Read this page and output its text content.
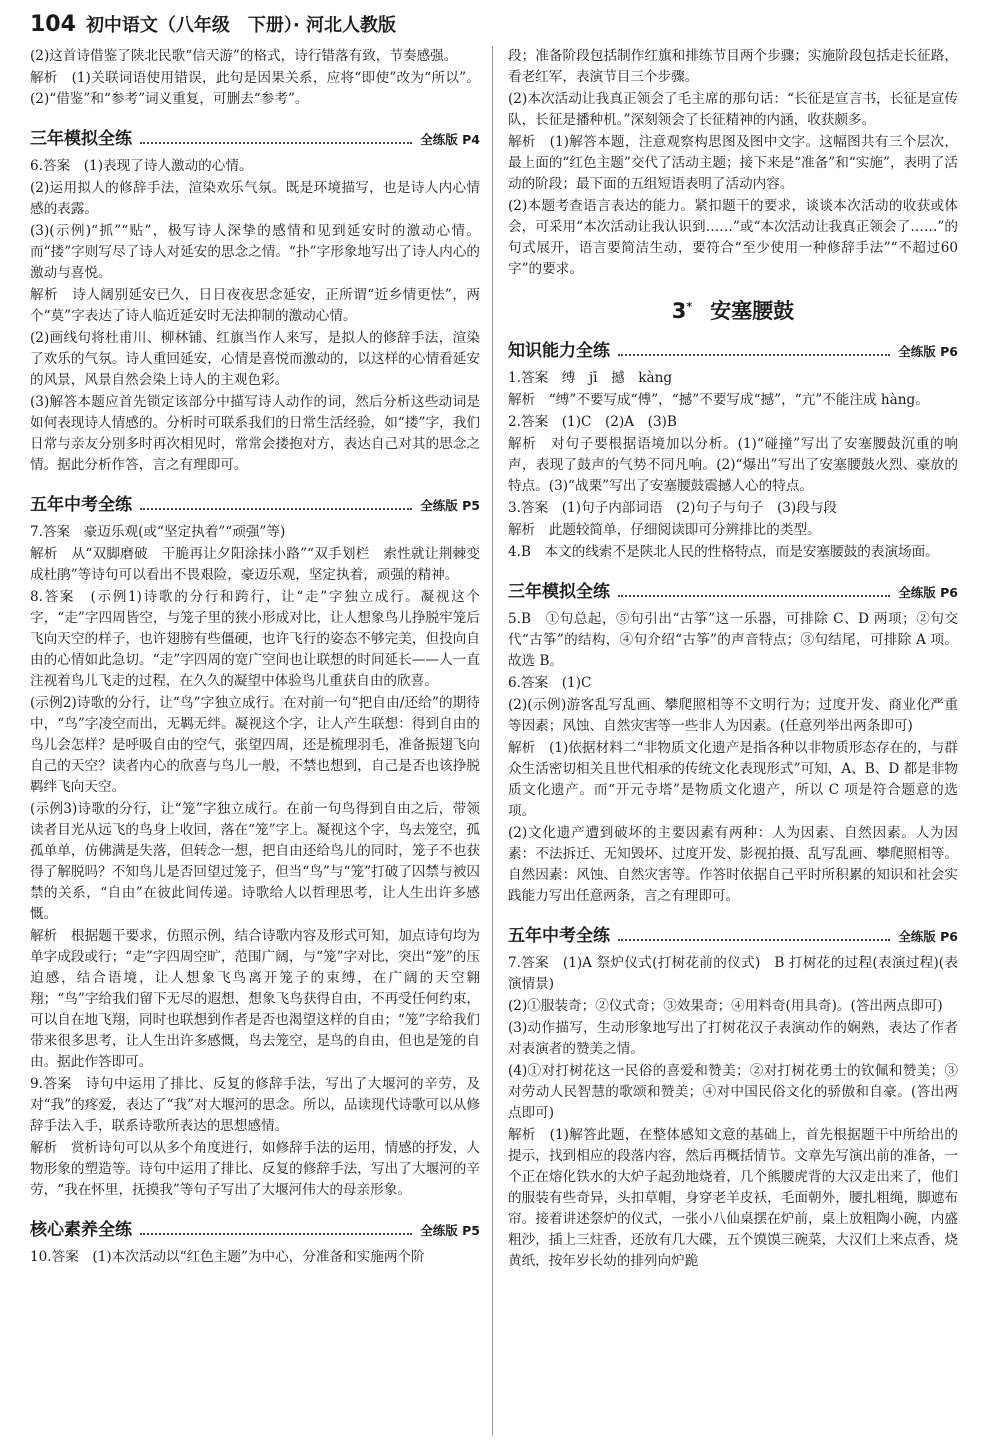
104 初中语文（八年级　下册）· 河北人教版

(2)这首诗借鉴了陕北民歌“信天游”的格式，诗行错落有致，节奏感强。

解析　(1)关联词语使用错误，此句是因果关系，应将“即使”改为“所以”。(2)“借鉴”和“参考”词义重复，可删去“参考”。

三年模拟全练	全练版 P4

6.答案　(1)表现了诗人激动的心情。

(2)运用拟人的修辞手法，渲染欢乐气氛。既是环境描写，也是诗人内心情感的表露。

(3)(示例)“抓”“贴”，极写诗人深挚的感情和见到延安时的激动心情。而“搂”字则写尽了诗人对延安的思念之情。“扑”字形象地写出了诗人内心的激动与喜悦。

解析　诗人阔别延安已久，日日夜夜思念延安，正所谓“近乡情更怯”，两个“莫”字表达了诗人临近延安时无法抑制的激动心情。

(2)画线句将杜甫川、柳林铺、红旗当作人来写，是拟人的修辞手法，渲染了欢乐的气氛。诗人重回延安，心情是喜悦而激动的，以这样的心情看延安的风景，风景自然会染上诗人的主观色彩。

(3)解答本题应首先锁定该部分中描写诗人动作的词，然后分析这些动词是如何表现诗人情感的。分析时可联系我们的日常生活经验，如“搂”字，我们日常与亲友分别多时再次相见时，常常会搂抱对方，表达自己对其的思念之情。据此分析作答，言之有理即可。

五年中考全练	全练版 P5

7.答案　豪迈乐观(或“坚定执着”“顽强”等)

解析　从“双脚磨破　干脆再让夕阳涂抹小路”“双手划栏　索性就让荆棘变成杜鹃”等诗句可以看出不畏艰险，豪迈乐观，坚定执着，顽强的精神。

8.答案　(示例1)诗歌的分行和跨行，让“走”字独立成行。凝视这个字，“走”字四周皆空，与笼子里的狭小形成对比，让人想象鸟儿挣脱牢笼后飞向天空的样子，也许翅膀有些僵硬，也许飞行的姿态不够完美，但投向自由的心情如此急切。“走”字四周的宽广空间也让联想的时间延长——人一直注视着鸟儿飞走的过程，在久久的凝望中体验鸟儿重获自由的欣喜。

(示例2)诗歌的分行，让“鸟”字独立成行。在对前一句“把自由/还给”的期待中，“鸟”字凌空而出，无羁无绊。凝视这个字，让人产生联想：得到自由的鸟儿会怎样？是呼吸自由的空气，张望四周，还是梳理羽毛，准备振翅飞向自己的天空？读者内心的欣喜与鸟儿一般，不禁也想到，自己是否也该挣脱羁绊飞向天空。

(示例3)诗歌的分行，让“笼”字独立成行。在前一句鸟得到自由之后，带领读者目光从远飞的鸟身上收回，落在“笼”字上。凝视这个字，鸟去笼空，孤孤单单，仿佛满是失落，但转念一想，把自由还给鸟儿的同时，笼子不也获得了解脱吗？不知鸟儿是否回望过笼子，但当“鸟”与“笼”打破了囚禁与被囚禁的关系，“自由”在彼此间传递。诗歌给人以哲理思考，让人生出许多感慨。

解析　根据题干要求，仿照示例，结合诗歌内容及形式可知，加点诗句均为单字成段或行；“走”字四周空旷，范围广阔，与“笼”字对比，突出“笼”的压迫感，结合语境，让人想象飞鸟离开笼子的束缚，在广阔的天空翱翔；“鸟”字给我们留下无尽的遐想，想象飞鸟获得自由，不再受任何约束，可以自在地飞翔，同时也联想到作者是否也渴望这样的自由；“笼”字给我们带来很多思考，让人生出许多感慨，鸟去笼空，是鸟的自由，但也是笼的自由。据此作答即可。

9.答案　诗句中运用了排比、反复的修辞手法，写出了大堰河的辛劳，及对“我”的疼爱，表达了“我”对大堰河的思念。所以，品读现代诗歌可以从修辞手法入手，联系诗歌所表达的思想感情。

解析　赏析诗句可以从多个角度进行，如修辞手法的运用，情感的抒发，人物形象的塑造等。诗句中运用了排比、反复的修辞手法，写出了大堰河的辛劳，“我在怀里，抚摸我”等句子写出了大堰河伟大的母亲形象。

核心素养全练	全练版 P5

10.答案　(1)本次活动以“红色主题”为中心，分准备和实施两个阶

段；准备阶段包括制作红旗和排练节目两个步骤；实施阶段包括走长征路，看老红军，表演节目三个步骤。

(2)本次活动让我真正领会了毛主席的那句话：“长征是宣言书，长征是宣传队，长征是播种机。”深刻领会了长征精神的内涵，收获颇多。

解析　(1)解答本题，注意观察构思图及图中文字。这幅图共有三个层次，最上面的“红色主题”交代了活动主题；接下来是“准备”和“实施”，表明了活动的阶段；最下面的五组短语表明了活动内容。

(2)本题考查语言表达的能力。紧扣题干的要求，谈谈本次活动的收获或体会，可采用“本次活动让我认识到……”或“本次活动让我真正领会了……”的句式展开，语言要简洁生动，要符合“至少使用一种修辞手法”“不超过60字”的要求。

3* 安塞腰鼓
知识能力全练	全练版 P6

1.答案　缚　jī　撼　kàng

解析　“缚”不要写成“傅”，“撼”不要写成“撼”，“亢”不能注成 hàng。

2.答案　(1)C　(2)A　(3)B

解析　对句子要根据语境加以分析。(1)“碰撞”写出了安塞腰鼓沉重的响声，表现了鼓声的气势不同凡响。(2)“爆出”写出了安塞腰鼓火烈、豪放的特点。(3)“战栗”写出了安塞腰鼓震撼人心的特点。

3.答案　(1)句子内部词语　(2)句子与句子　(3)段与段

解析　此题较简单，仔细阅读即可分辨排比的类型。

4.B　本文的线索不是陕北人民的性格特点，而是安塞腰鼓的表演场面。

三年模拟全练	全练版 P6

5.B　①句总起，⑤句引出“古筝”这一乐器，可排除 C、D 两项；②句交代“古筝”的结构，④句介绍“古筝”的声音特点；③句结尾，可排除 A 项。故选 B。

6.答案　(1)C

(2)(示例)游客乱写乱画、攀爬照相等不文明行为；过度开发、商业化严重等因素；风蚀、自然灾害等一些非人为因素。(任意列举出两条即可)

解析　(1)依据材料二“非物质文化遗产是指各种以非物质形态存在的，与群众生活密切相关且世代相承的传统文化表现形式”可知，A、B、D 都是非物质文化遗产。而“开元寺塔”是物质文化遗产，所以 C 项是符合题意的选项。

(2)文化遗产遭到破坏的主要因素有两种：人为因素、自然因素。人为因素：不法拆迁、无知毁坏、过度开发、影视拍摄、乱写乱画、攀爬照相等。自然因素：风蚀、自然灾害等。作答时依据自己平时所积累的知识和社会实践能力写出任意两条，言之有理即可。

五年中考全练	全练版 P6

7.答案　(1)A 祭炉仪式(打树花前的仪式)　B 打树花的过程(表演过程)(表演情景)

(2)①服装奇；②仪式奇；③效果奇；④用料奇(用具奇)。(答出两点即可)

(3)动作描写，生动形象地写出了打树花汉子表演动作的娴熟，表达了作者对表演者的赞美之情。

(4)①对打树花这一民俗的喜爱和赞美；②对打树花勇士的钦佩和赞美；③对劳动人民智慧的歌颂和赞美；④对中国民俗文化的骄傲和自豪。(答出两点即可)

解析　(1)解答此题，在整体感知文意的基础上，首先根据题干中所给出的提示，找到相应的段落内容，然后再概括情节。文章先写演出前的准备，一个正在熔化铁水的大炉子起劲地烧着，几个熊腰虎背的大汉走出来了，他们的服装有些奇异，头扣草帽，身穿老羊皮袄，毛面朝外，腰扎粗绳，脚遮布帘。接着讲述祭炉的仪式，一张小八仙桌摆在炉前，桌上放粗陶小碗，内盛粗沙，插上三炷香，还放有几大碟，五个馍馍三碗菜，大汉们上来点香，烧黄纸，按年岁长幼的排列向炉跪
